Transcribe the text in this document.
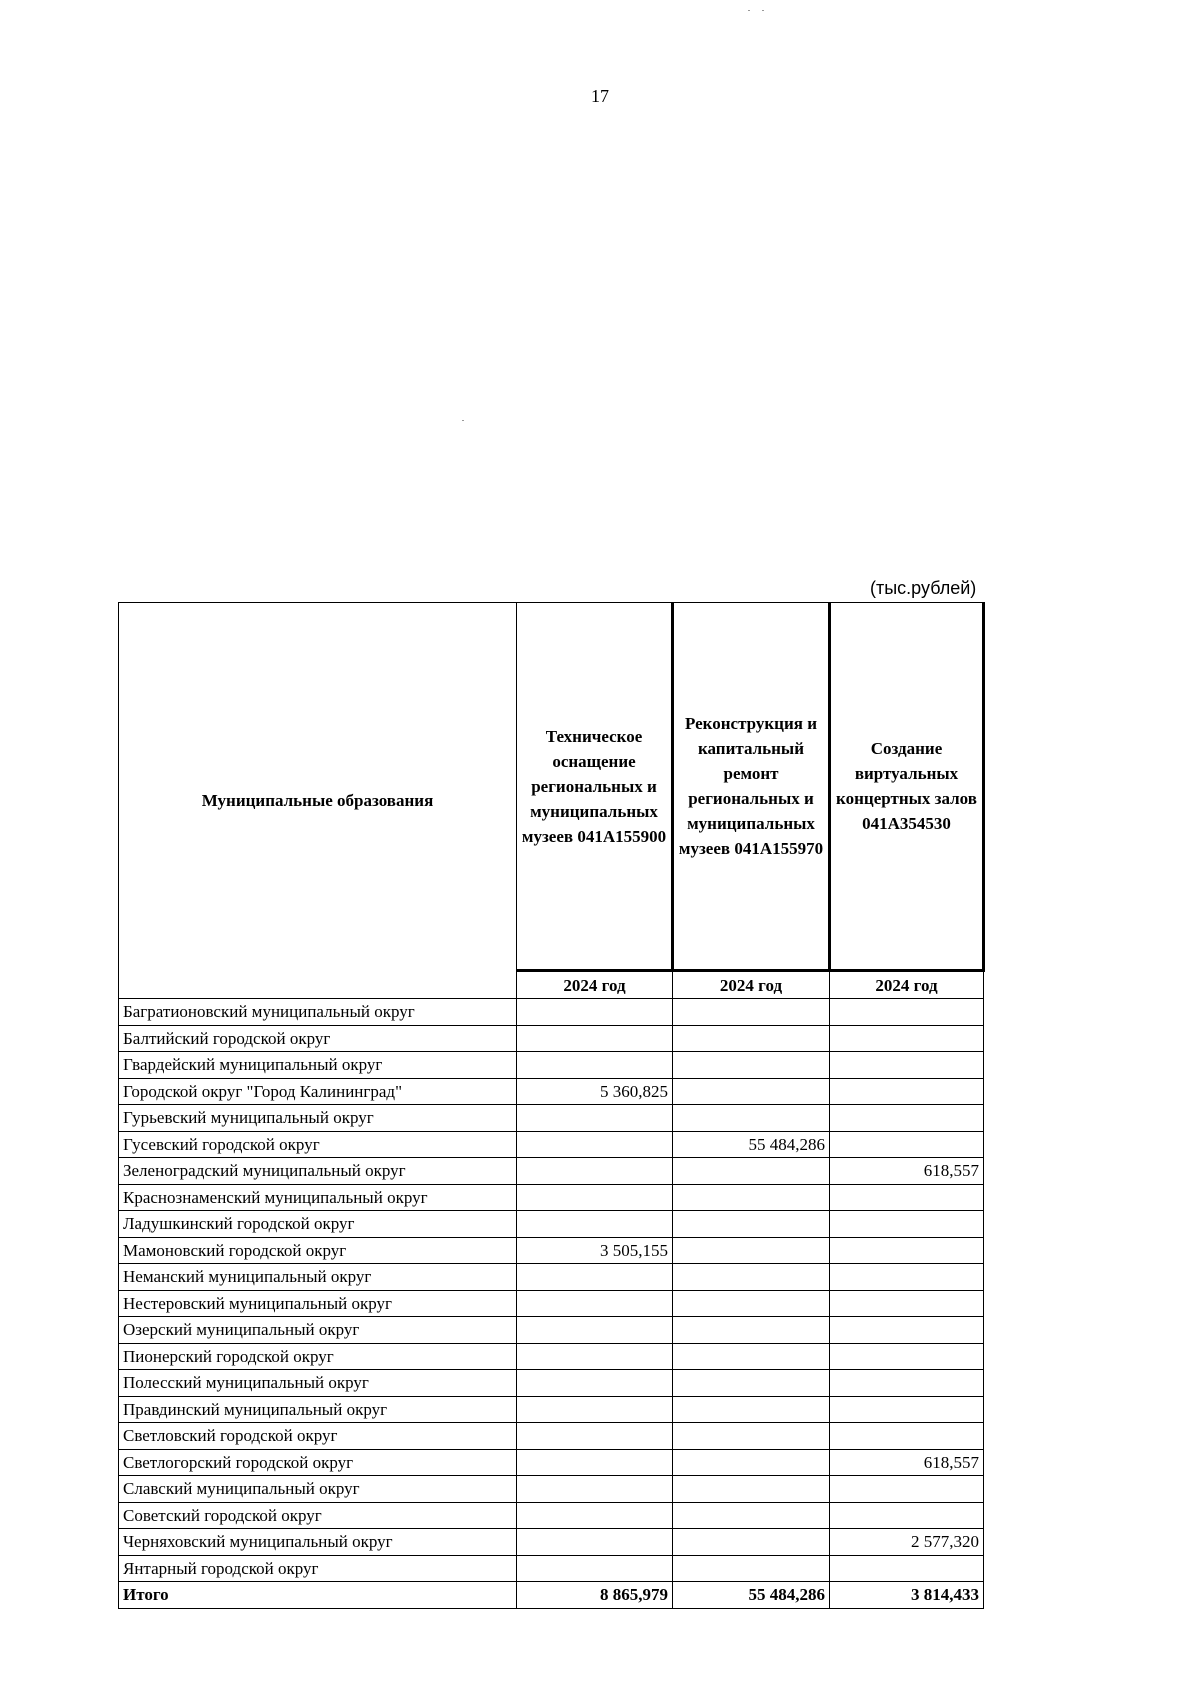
17
(тыс.рублей)
Муниципальные образования	Техническое оснащение региональных и муниципальных музеев 041А155900	Реконструкция и капитальный ремонт региональных и муниципальных музеев 041А155970	Создание виртуальных концертных залов 041А354530
	2024 год	2024 год	2024 год
Багратионовский муниципальный округ			
Балтийский городской округ			
Гвардейский муниципальный округ			
Городской округ "Город Калининград"	5 360,825		
Гурьевский муниципальный округ			
Гусевский городской округ		55 484,286	
Зеленоградский муниципальный округ			618,557
Краснознаменский муниципальный округ			
Ладушкинский городской округ			
Мамоновский городской округ	3 505,155		
Неманский муниципальный округ			
Нестеровский муниципальный округ			
Озерский муниципальный округ			
Пионерский городской округ			
Полесский муниципальный округ			
Правдинский муниципальный округ			
Светловский городской округ			
Светлогорский городской округ			618,557
Славский муниципальный округ			
Советский городской округ			
Черняховский муниципальный округ			2 577,320
Янтарный городской округ			
Итого	8 865,979	55 484,286	3 814,433
